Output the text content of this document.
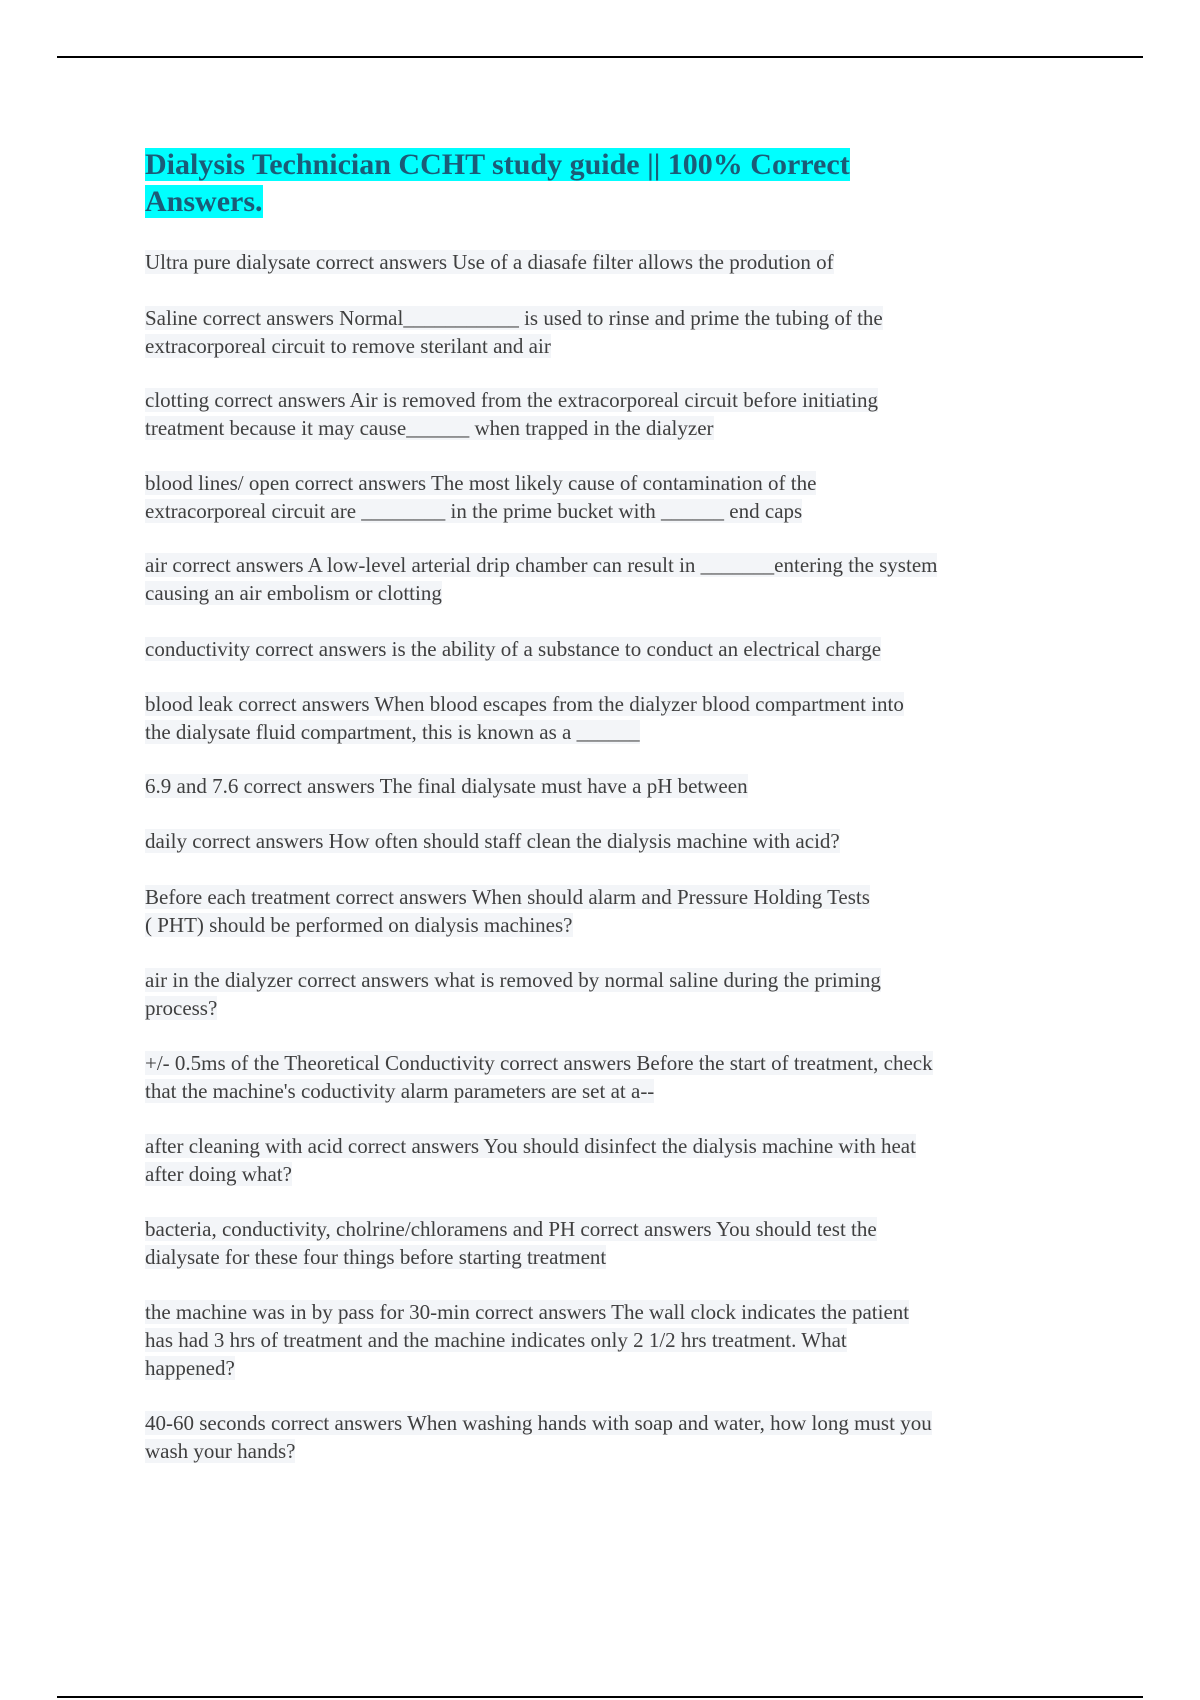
Dialysis Technician CCHT study guide || 100% Correct
Answers.

Ultra pure dialysate correct answers Use of a diasafe filter allows the prodution of

Saline correct answers Normal___________ is used to rinse and prime the tubing of the
extracorporeal circuit to remove sterilant and air

clotting correct answers Air is removed from the extracorporeal circuit before initiating
treatment because it may cause______ when trapped in the dialyzer

blood lines/ open correct answers The most likely cause of contamination of the
extracorporeal circuit are ________ in the prime bucket with ______ end caps

air correct answers A low-level arterial drip chamber can result in _______entering the system
causing an air embolism or clotting

conductivity correct answers is the ability of a substance to conduct an electrical charge

blood leak correct answers When blood escapes from the dialyzer blood compartment into
the dialysate fluid compartment, this is known as a ______

6.9 and 7.6 correct answers The final dialysate must have a pH between

daily correct answers How often should staff clean the dialysis machine with acid?

Before each treatment correct answers When should alarm and Pressure Holding Tests
( PHT) should be performed on dialysis machines?

air in the dialyzer correct answers what is removed by normal saline during the priming
process?

+/- 0.5ms of the Theoretical Conductivity correct answers Before the start of treatment, check
that the machine's coductivity alarm parameters are set at a--

after cleaning with acid correct answers You should disinfect the dialysis machine with heat
after doing what?

bacteria, conductivity, cholrine/chloramens and PH correct answers You should test the
dialysate for these four things before starting treatment

the machine was in by pass for 30-min correct answers The wall clock indicates the patient
has had 3 hrs of treatment and the machine indicates only 2 1/2 hrs treatment. What
happened?

40-60 seconds correct answers When washing hands with soap and water, how long must you
wash your hands?
